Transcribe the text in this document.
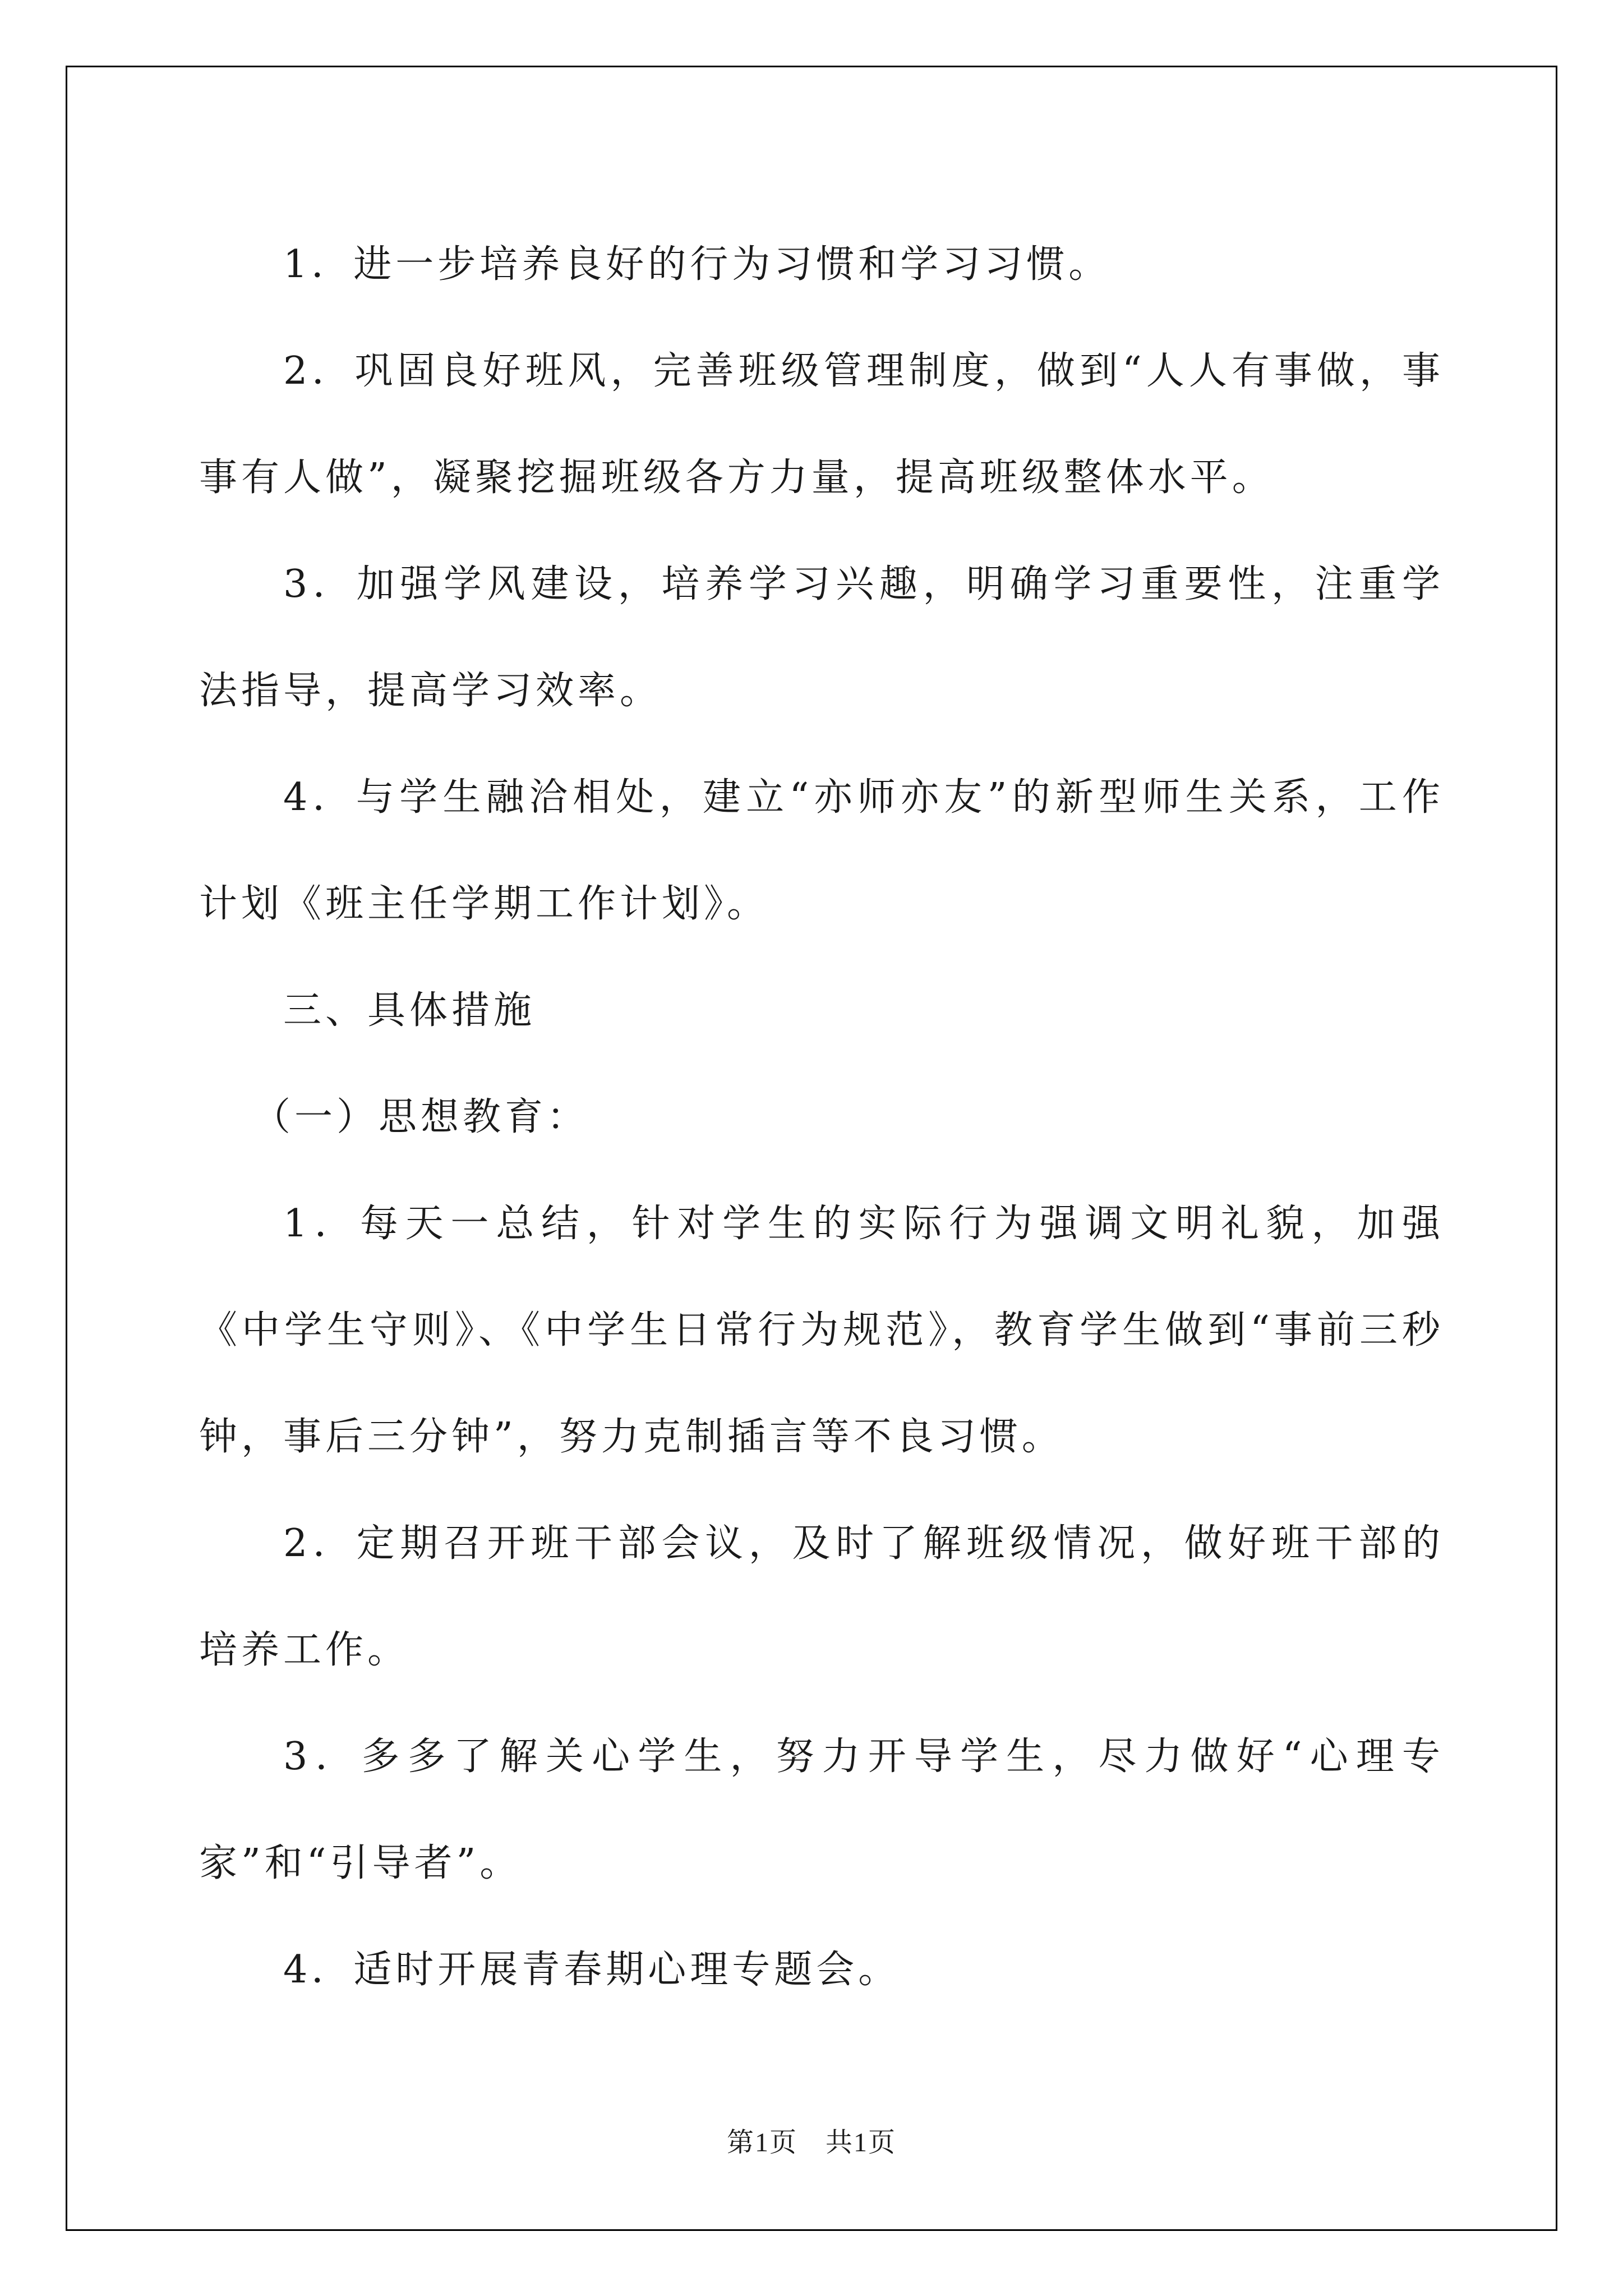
1．进一步培养良好的行为习惯和学习习惯。

2．巩固良好班风，完善班级管理制度，做到“人人有事做，事事有人做”，凝聚挖掘班级各方力量，提高班级整体水平。

3．加强学风建设，培养学习兴趣，明确学习重要性，注重学法指导，提高学习效率。

4．与学生融洽相处，建立“亦师亦友”的新型师生关系，工作计划《班主任学期工作计划》。

三、具体措施

（一）思想教育：

1．每天一总结，针对学生的实际行为强调文明礼貌，加强《中学生守则》、《中学生日常行为规范》，教育学生做到“事前三秒钟，事后三分钟”，努力克制插言等不良习惯。

2．定期召开班干部会议，及时了解班级情况，做好班干部的培养工作。

3．多多了解关心学生，努力开导学生，尽力做好“心理专家”和“引导者”。

4．适时开展青春期心理专题会。

第1页　共1页
